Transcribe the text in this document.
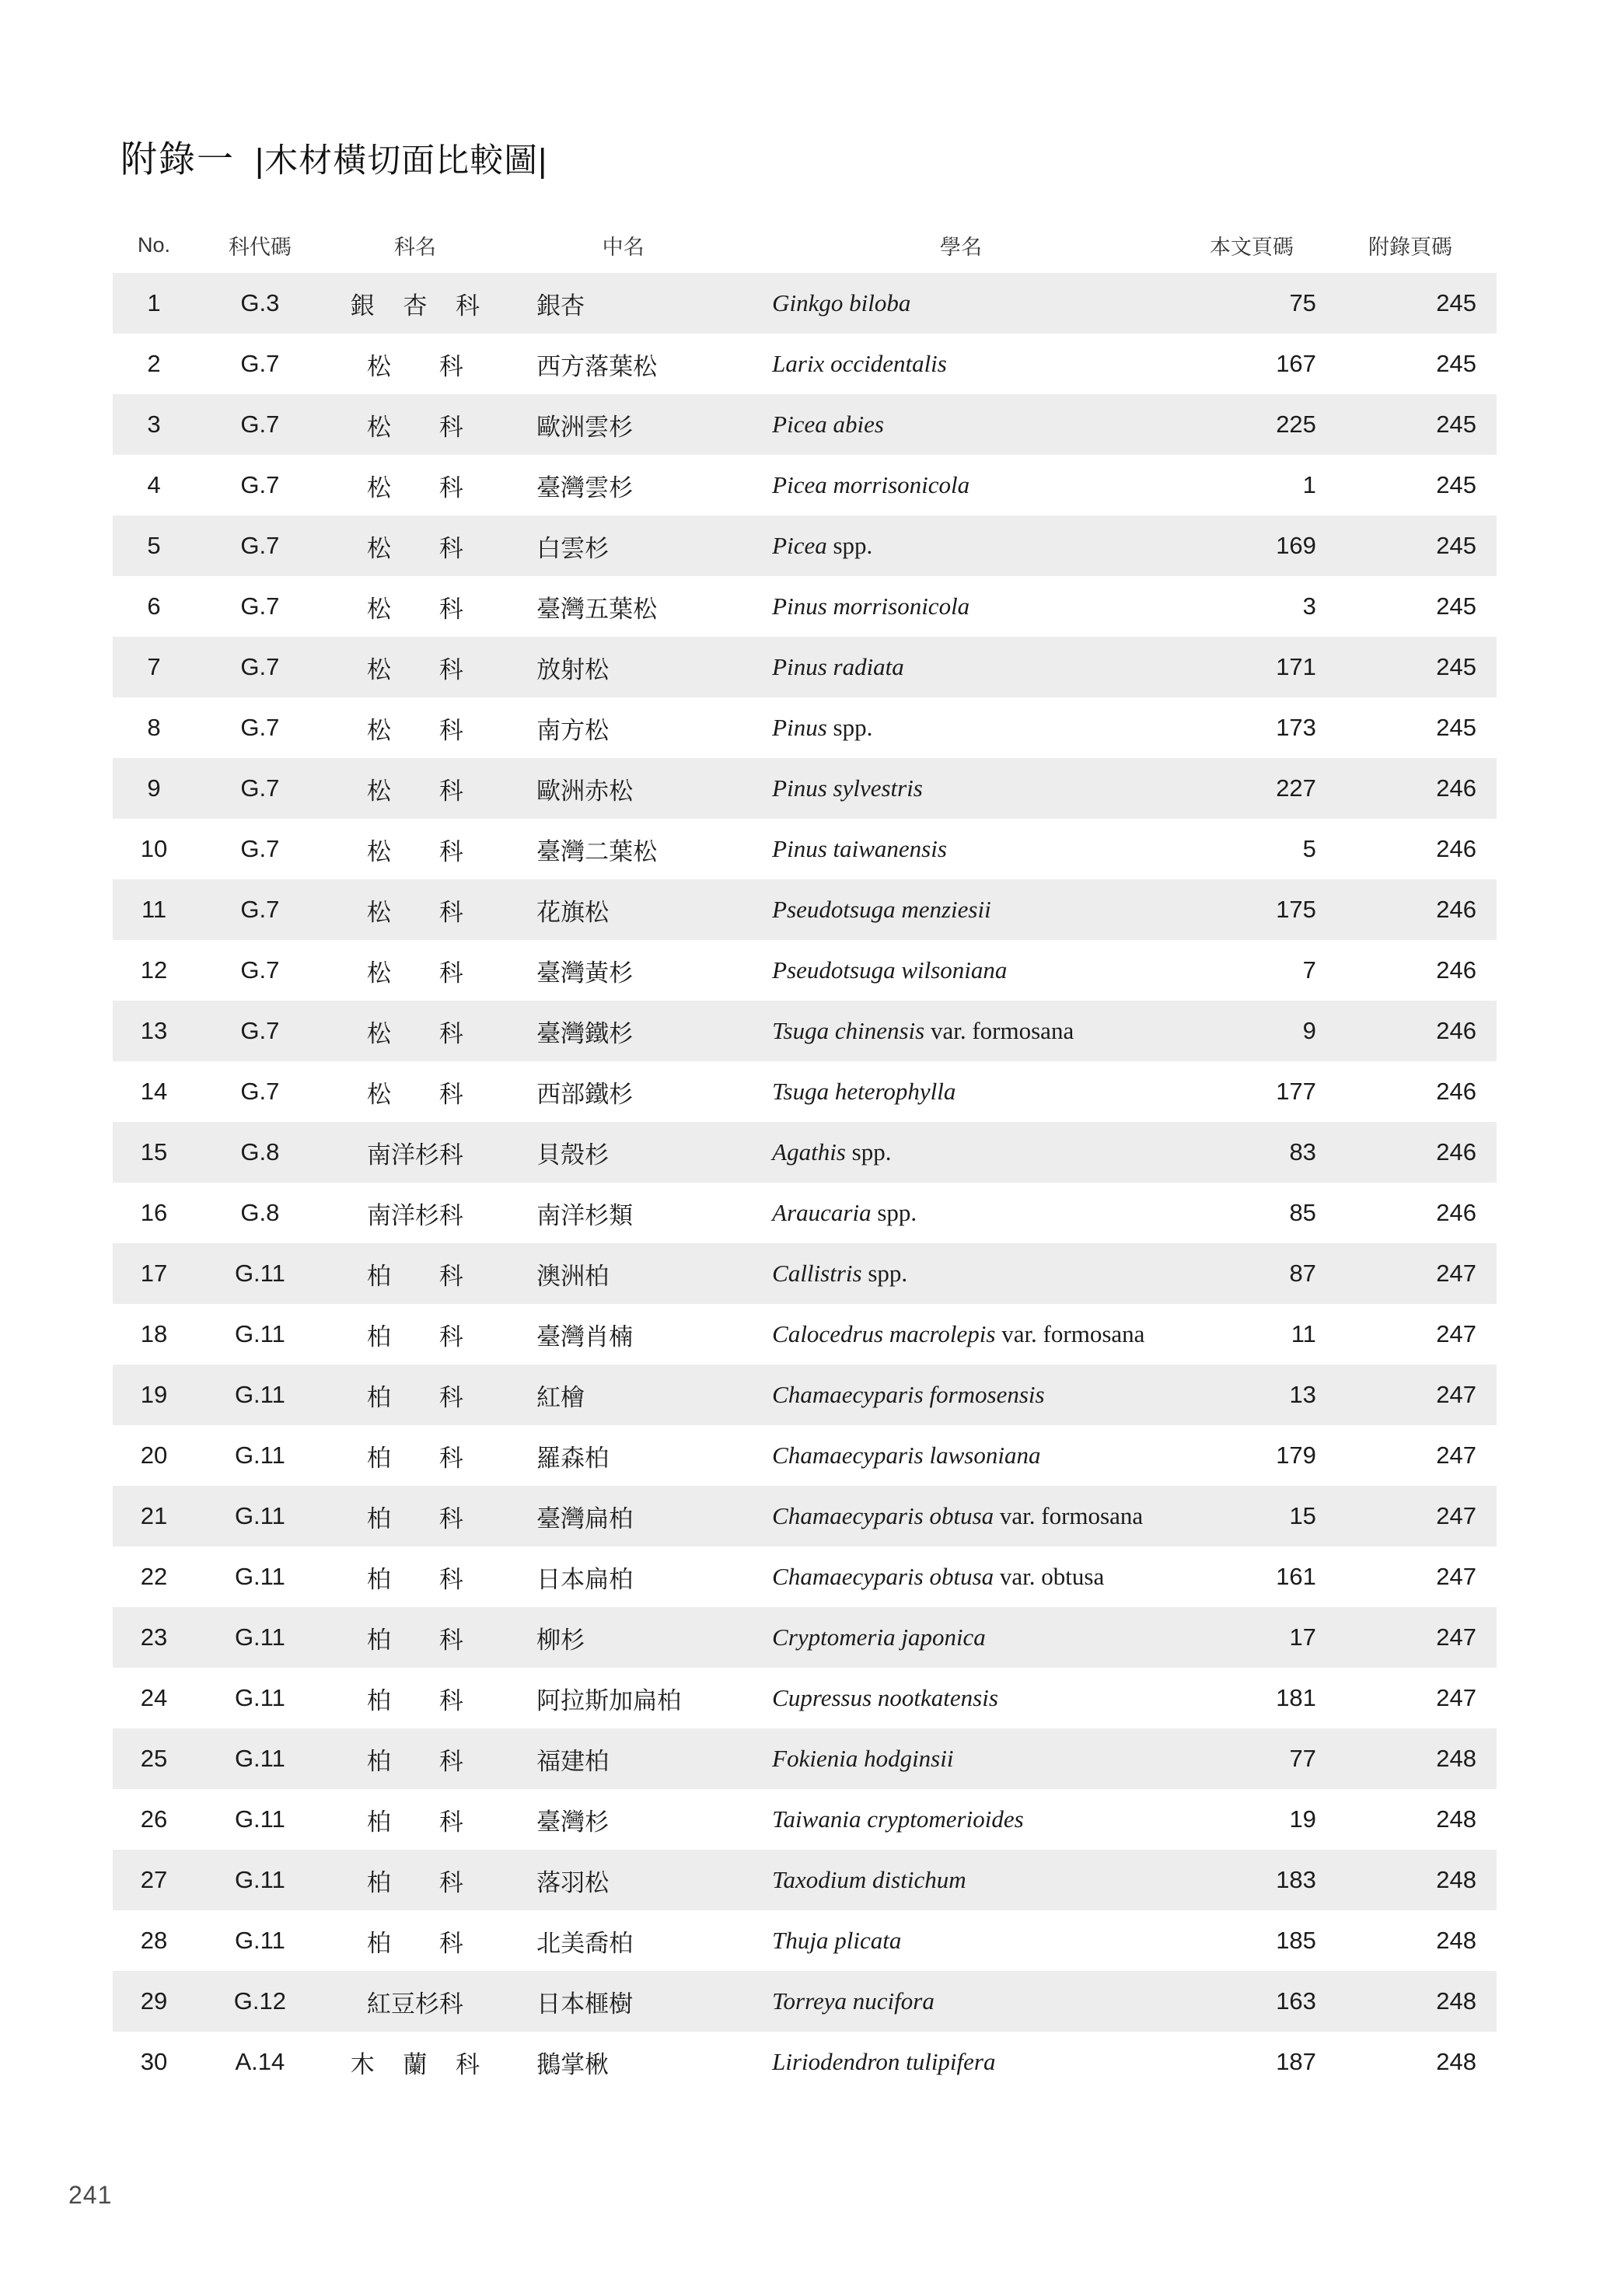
附錄一 |木材橫切面比較圖|
No.	科代碼	科名	中名	學名	本文頁碼	附錄頁碼
1	G.3	銀 杏 科	銀杏	Ginkgo biloba	75	245
2	G.7	松　　科	西方落葉松	Larix occidentalis	167	245
3	G.7	松　　科	歐洲雲杉	Picea abies	225	245
4	G.7	松　　科	臺灣雲杉	Picea morrisonicola	1	245
5	G.7	松　　科	白雲杉	Picea spp.	169	245
6	G.7	松　　科	臺灣五葉松	Pinus morrisonicola	3	245
7	G.7	松　　科	放射松	Pinus radiata	171	245
8	G.7	松　　科	南方松	Pinus spp.	173	245
9	G.7	松　　科	歐洲赤松	Pinus sylvestris	227	246
10	G.7	松　　科	臺灣二葉松	Pinus taiwanensis	5	246
11	G.7	松　　科	花旗松	Pseudotsuga menziesii	175	246
12	G.7	松　　科	臺灣黃杉	Pseudotsuga wilsoniana	7	246
13	G.7	松　　科	臺灣鐵杉	Tsuga chinensis var. formosana	9	246
14	G.7	松　　科	西部鐵杉	Tsuga heterophylla	177	246
15	G.8	南洋杉科	貝殼杉	Agathis spp.	83	246
16	G.8	南洋杉科	南洋杉類	Araucaria spp.	85	246
17	G.11	柏　　科	澳洲柏	Callistris spp.	87	247
18	G.11	柏　　科	臺灣肖楠	Calocedrus macrolepis var. formosana	11	247
19	G.11	柏　　科	紅檜	Chamaecyparis formosensis	13	247
20	G.11	柏　　科	羅森柏	Chamaecyparis lawsoniana	179	247
21	G.11	柏　　科	臺灣扁柏	Chamaecyparis obtusa var. formosana	15	247
22	G.11	柏　　科	日本扁柏	Chamaecyparis obtusa var. obtusa	161	247
23	G.11	柏　　科	柳杉	Cryptomeria japonica	17	247
24	G.11	柏　　科	阿拉斯加扁柏	Cupressus nootkatensis	181	247
25	G.11	柏　　科	福建柏	Fokienia hodginsii	77	248
26	G.11	柏　　科	臺灣杉	Taiwania cryptomerioides	19	248
27	G.11	柏　　科	落羽松	Taxodium distichum	183	248
28	G.11	柏　　科	北美喬柏	Thuja plicata	185	248
29	G.12	紅豆杉科	日本榧樹	Torreya nucifora	163	248
30	A.14	木 蘭 科	鵝掌楸	Liriodendron tulipifera	187	248
241
